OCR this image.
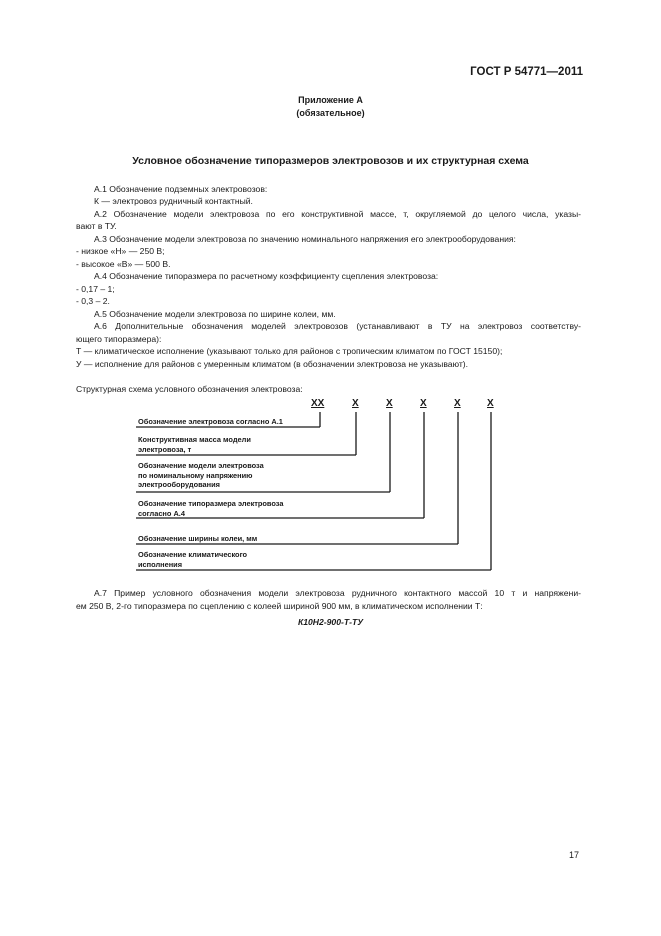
ГОСТ Р 54771—2011
Приложение А
(обязательное)
Условное обозначение типоразмеров электровозов и их структурная схема
А.1 Обозначение подземных электровозов:
К — электровоз рудничный контактный.
А.2 Обозначение модели электровоза по его конструктивной массе, т, округляемой до целого числа, указы-
вают в ТУ.
А.3 Обозначение модели электровоза по значению номинального напряжения его электрооборудования:
- низкое «Н» — 250 В;
- высокое «В» — 500 В.
А.4 Обозначение типоразмера по расчетному коэффициенту сцепления электровоза:
- 0,17 – 1;
- 0,3 – 2.
А.5 Обозначение модели электровоза по ширине колеи, мм.
А.6 Дополнительные обозначения моделей электровозов (устанавливают в ТУ на электровоз соответству-
ющего типоразмера):
Т — климатическое исполнение (указывают только для районов с тропическим климатом по ГОСТ 15150);
У — исполнение для районов с умеренным климатом (в обозначении электровоза не указывают).
Структурная схема условного обозначения электровоза:
XX	X	X	X	X	X
Обозначение электровоза согласно А.1
Конструктивная масса модели
электровоза, т
Обозначение модели электровоза
по номинальному напряжению
электрооборудования
Обозначение типоразмера электровоза
согласно А.4
Обозначение ширины колеи, мм
Обозначение климатического
исполнения
А.7 Пример условного обозначения модели электровоза рудничного контактного массой 10 т и напряжени-
ем 250 В, 2-го типоразмера по сцеплению с колеей шириной 900 мм, в климатическом исполнении Т:
К10Н2-900-Т-ТУ
17
